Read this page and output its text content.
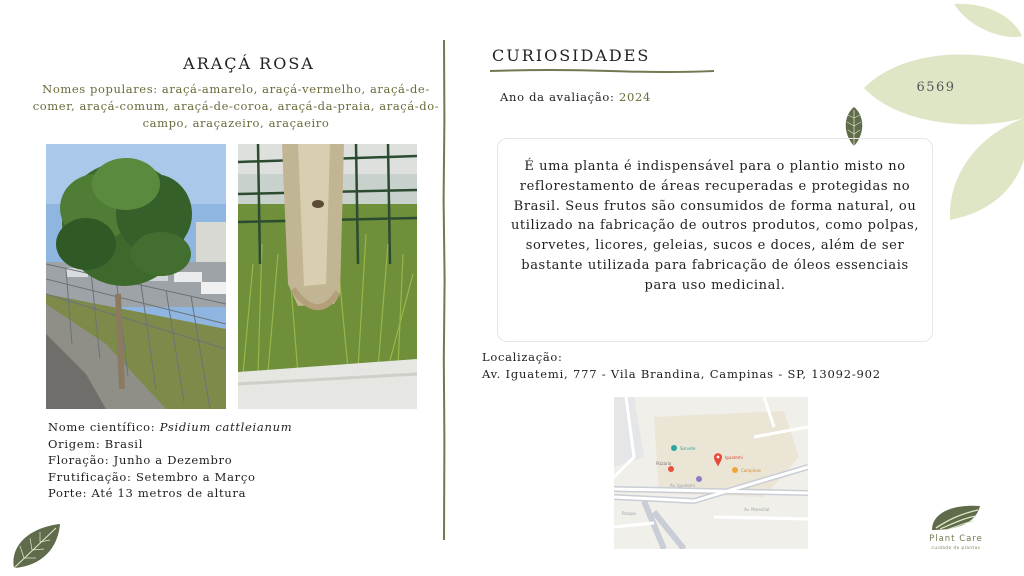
ARAÇÁ ROSA
Nomes populares: araçá-amarelo, araçá-vermelho, araçá-de-comer, araçá-comum, araçá-de-coroa, araçá-da-praia, araçá-do-campo, araçazeiro, araçaeiro
Nome científico: Psidium cattleianum
Origem: Brasil
Floração: Junho a Dezembro
Frutificação: Setembro a Março
Porte: Até 13 metros de altura
CURIOSIDADES
Ano da avaliação: 2024
6569
É uma planta é indispensável para o plantio misto no reflorestamento de áreas recuperadas e protegidas no Brasil. Seus frutos são consumidos de forma natural, ou utilizado na fabricação de outros produtos, como polpas, sorvetes, licores, geleias, sucos e doces, além de ser bastante utilizada para fabricação de óleos essenciais para uso medicinal.
Localização:
Av. Iguatemi, 777 - Vila Brandina, Campinas - SP, 13092-902
Av. Iguatemi
Av. Marechal
Parque
Sorvete
Iguatemi
Campinas
Pizzaria
Plant Care
cuidado de plantas
